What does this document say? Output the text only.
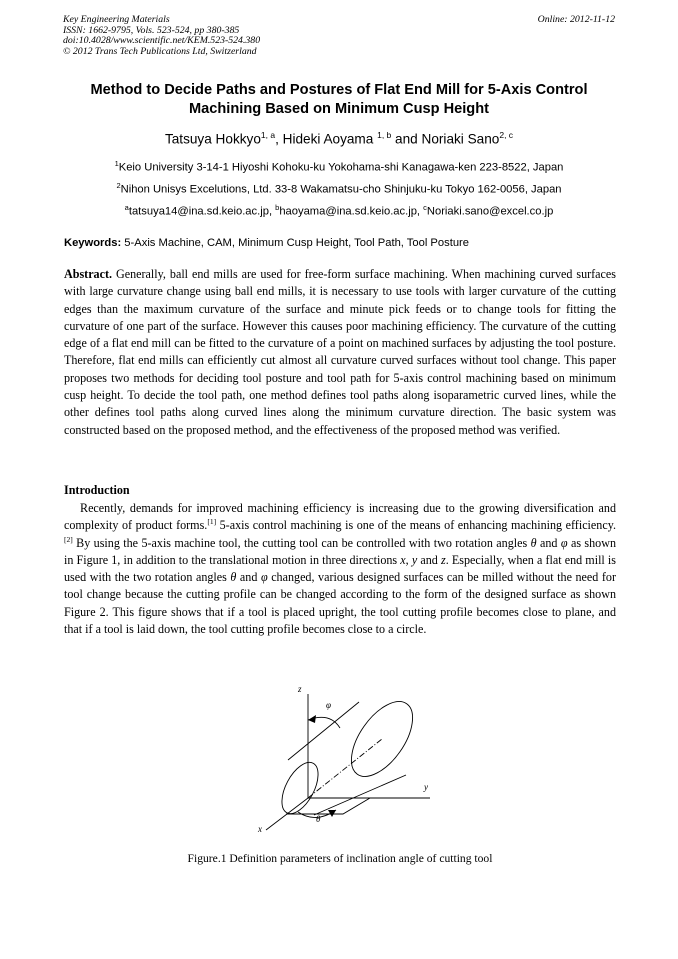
Key Engineering Materials
ISSN: 1662-9795, Vols. 523-524, pp 380-385
doi:10.4028/www.scientific.net/KEM.523-524.380
© 2012 Trans Tech Publications Ltd, Switzerland
Online: 2012-11-12
Method to Decide Paths and Postures of Flat End Mill for 5-Axis Control
Machining Based on Minimum Cusp Height
Tatsuya Hokkyo$^{1, a}$, Hideki Aoyama $^{1, b}$ and Noriaki Sano$^{2, c}$
$^1$Keio University 3-14-1 Hiyoshi Kohoku-ku Yokohama-shi Kanagawa-ken 223-8522, Japan
$^2$Nihon Unisys Excelutions, Ltd. 33-8 Wakamatsu-cho Shinjuku-ku Tokyo 162-0056, Japan
$^a$tatsuya14@ina.sd.keio.ac.jp, $^b$haoyama@ina.sd.keio.ac.jp, $^c$Noriaki.sano@excel.co.jp
Keywords: 5-Axis Machine, CAM, Minimum Cusp Height, Tool Path, Tool Posture
Abstract. Generally, ball end mills are used for free-form surface machining. When machining curved surfaces with large curvature change using ball end mills, it is necessary to use tools with larger curvature of the cutting edges than the maximum curvature of the surface and minute pick feeds or to change tools for fitting the curvature of one part of the surface. However this causes poor machining efficiency. The curvature of the cutting edge of a flat end mill can be fitted to the curvature of a point on machined surfaces by adjusting the tool posture. Therefore, flat end mills can efficiently cut almost all curvature curved surfaces without tool change. This paper proposes two methods for deciding tool posture and tool path for 5-axis control machining based on minimum cusp height. To decide the tool path, one method defines tool paths along isoparametric curved lines, while the other defines tool paths along curved lines along the minimum curvature direction. The basic system was constructed based on the proposed method, and the effectiveness of the proposed method was verified.
Introduction
Recently, demands for improved machining efficiency is increasing due to the growing diversification and complexity of product forms.[1] 5-axis control machining is one of the means of enhancing machining efficiency.[2] By using the 5-axis machine tool, the cutting tool can be controlled with two rotation angles θ and φ as shown in Figure 1, in addition to the translational motion in three directions x, y and z. Especially, when a flat end mill is used with the two rotation angles θ and φ changed, various designed surfaces can be milled without the need for tool change because the cutting profile can be changed according to the form of the designed surface as shown Figure 2. This figure shows that if a tool is placed upright, the tool cutting profile becomes close to plane, and that if a tool is laid down, the tool cutting profile becomes close to a circle.
z
y
x
φ
θ
Figure.1 Definition parameters of inclination angle of cutting tool
